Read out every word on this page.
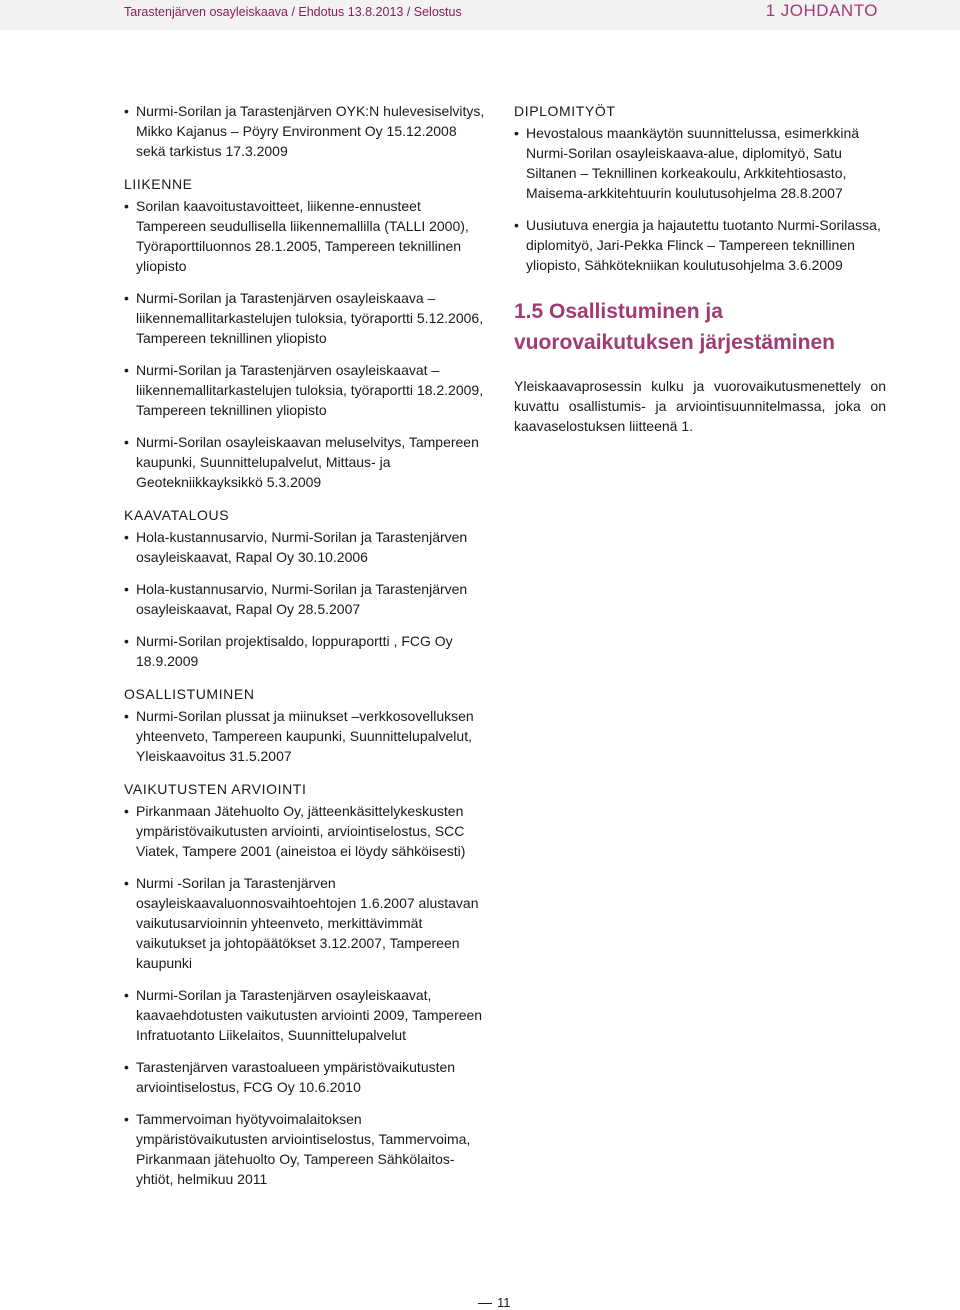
Tarastenjärven osayleiskaava / Ehdotus 13.8.2013 / Selostus	1 JOHDANTO
• Nurmi-Sorilan ja Tarastenjärven OYK:N hulevesiselvitys, Mikko Kajanus – Pöyry Environment Oy 15.12.2008 sekä tarkistus 17.3.2009
LIIKENNE
• Sorilan kaavoitustavoitteet, liikenne-ennusteet Tampereen seudullisella liikennemallilla (TALLI 2000), Työraporttiluonnos 28.1.2005, Tampereen teknillinen yliopisto
• Nurmi-Sorilan ja Tarastenjärven osayleiskaava – liikennemallitarkastelujen tuloksia, työraportti 5.12.2006, Tampereen teknillinen yliopisto
• Nurmi-Sorilan ja Tarastenjärven osayleiskaavat – liikennemallitarkastelujen tuloksia, työraportti 18.2.2009, Tampereen teknillinen yliopisto
• Nurmi-Sorilan osayleiskaavan meluselvitys, Tampereen kaupunki, Suunnittelupalvelut, Mittaus- ja Geotekniikkayksikkö 5.3.2009
KAAVATALOUS
• Hola-kustannusarvio, Nurmi-Sorilan ja Tarastenjärven osayleiskaavat, Rapal Oy 30.10.2006
• Hola-kustannusarvio, Nurmi-Sorilan ja Tarastenjärven osayleiskaavat, Rapal Oy 28.5.2007
• Nurmi-Sorilan projektisaldo, loppuraportti , FCG Oy 18.9.2009
OSALLISTUMINEN
• Nurmi-Sorilan plussat ja miinukset –verkkosovelluksen yhteenveto, Tampereen kaupunki, Suunnittelupalvelut, Yleiskaavoitus 31.5.2007
VAIKUTUSTEN ARVIOINTI
• Pirkanmaan Jätehuolto Oy, jätteenkäsittelykeskusten ympäristövaikutusten arviointi, arviointiselostus, SCC Viatek, Tampere 2001 (aineistoa ei löydy sähköisesti)
• Nurmi -Sorilan ja Tarastenjärven osayleiskaavaluonnosvaihtoehtojen 1.6.2007 alustavan vaikutusarvioinnin yhteenveto, merkittävimmät vaikutukset ja johtopäätökset 3.12.2007, Tampereen kaupunki
• Nurmi-Sorilan ja Tarastenjärven osayleiskaavat, kaavaehdotusten vaikutusten arviointi 2009, Tampereen Infratuotanto Liikelaitos, Suunnittelupalvelut
• Tarastenjärven varastoalueen ympäristövaikutusten arviointiselostus, FCG Oy 10.6.2010
• Tammervoiman hyötyvoimalaitoksen ympäristövaikutusten arviointiselostus, Tammervoima, Pirkanmaan jätehuolto Oy, Tampereen Sähkölaitos-yhtiöt, helmikuu 2011
DIPLOMITYÖT
• Hevostalous maankäytön suunnittelussa, esimerkkinä Nurmi-Sorilan osayleiskaava-alue, diplomityö, Satu Siltanen – Teknillinen korkeakoulu, Arkkitehtiosasto, Maisema-arkkitehtuurin koulutusohjelma 28.8.2007
• Uusiutuva energia ja hajautettu tuotanto Nurmi-Sorilassa, diplomityö, Jari-Pekka Flinck – Tampereen teknillinen yliopisto, Sähkötekniikan koulutusohjelma 3.6.2009
1.5 Osallistuminen ja vuorovaikutuksen järjestäminen

Yleiskaavaprosessin kulku ja vuorovaikutusmenettely on kuvattu osallistumis- ja arviointisuunnitelmassa, joka on kaavaselostuksen liitteenä 1.

11
